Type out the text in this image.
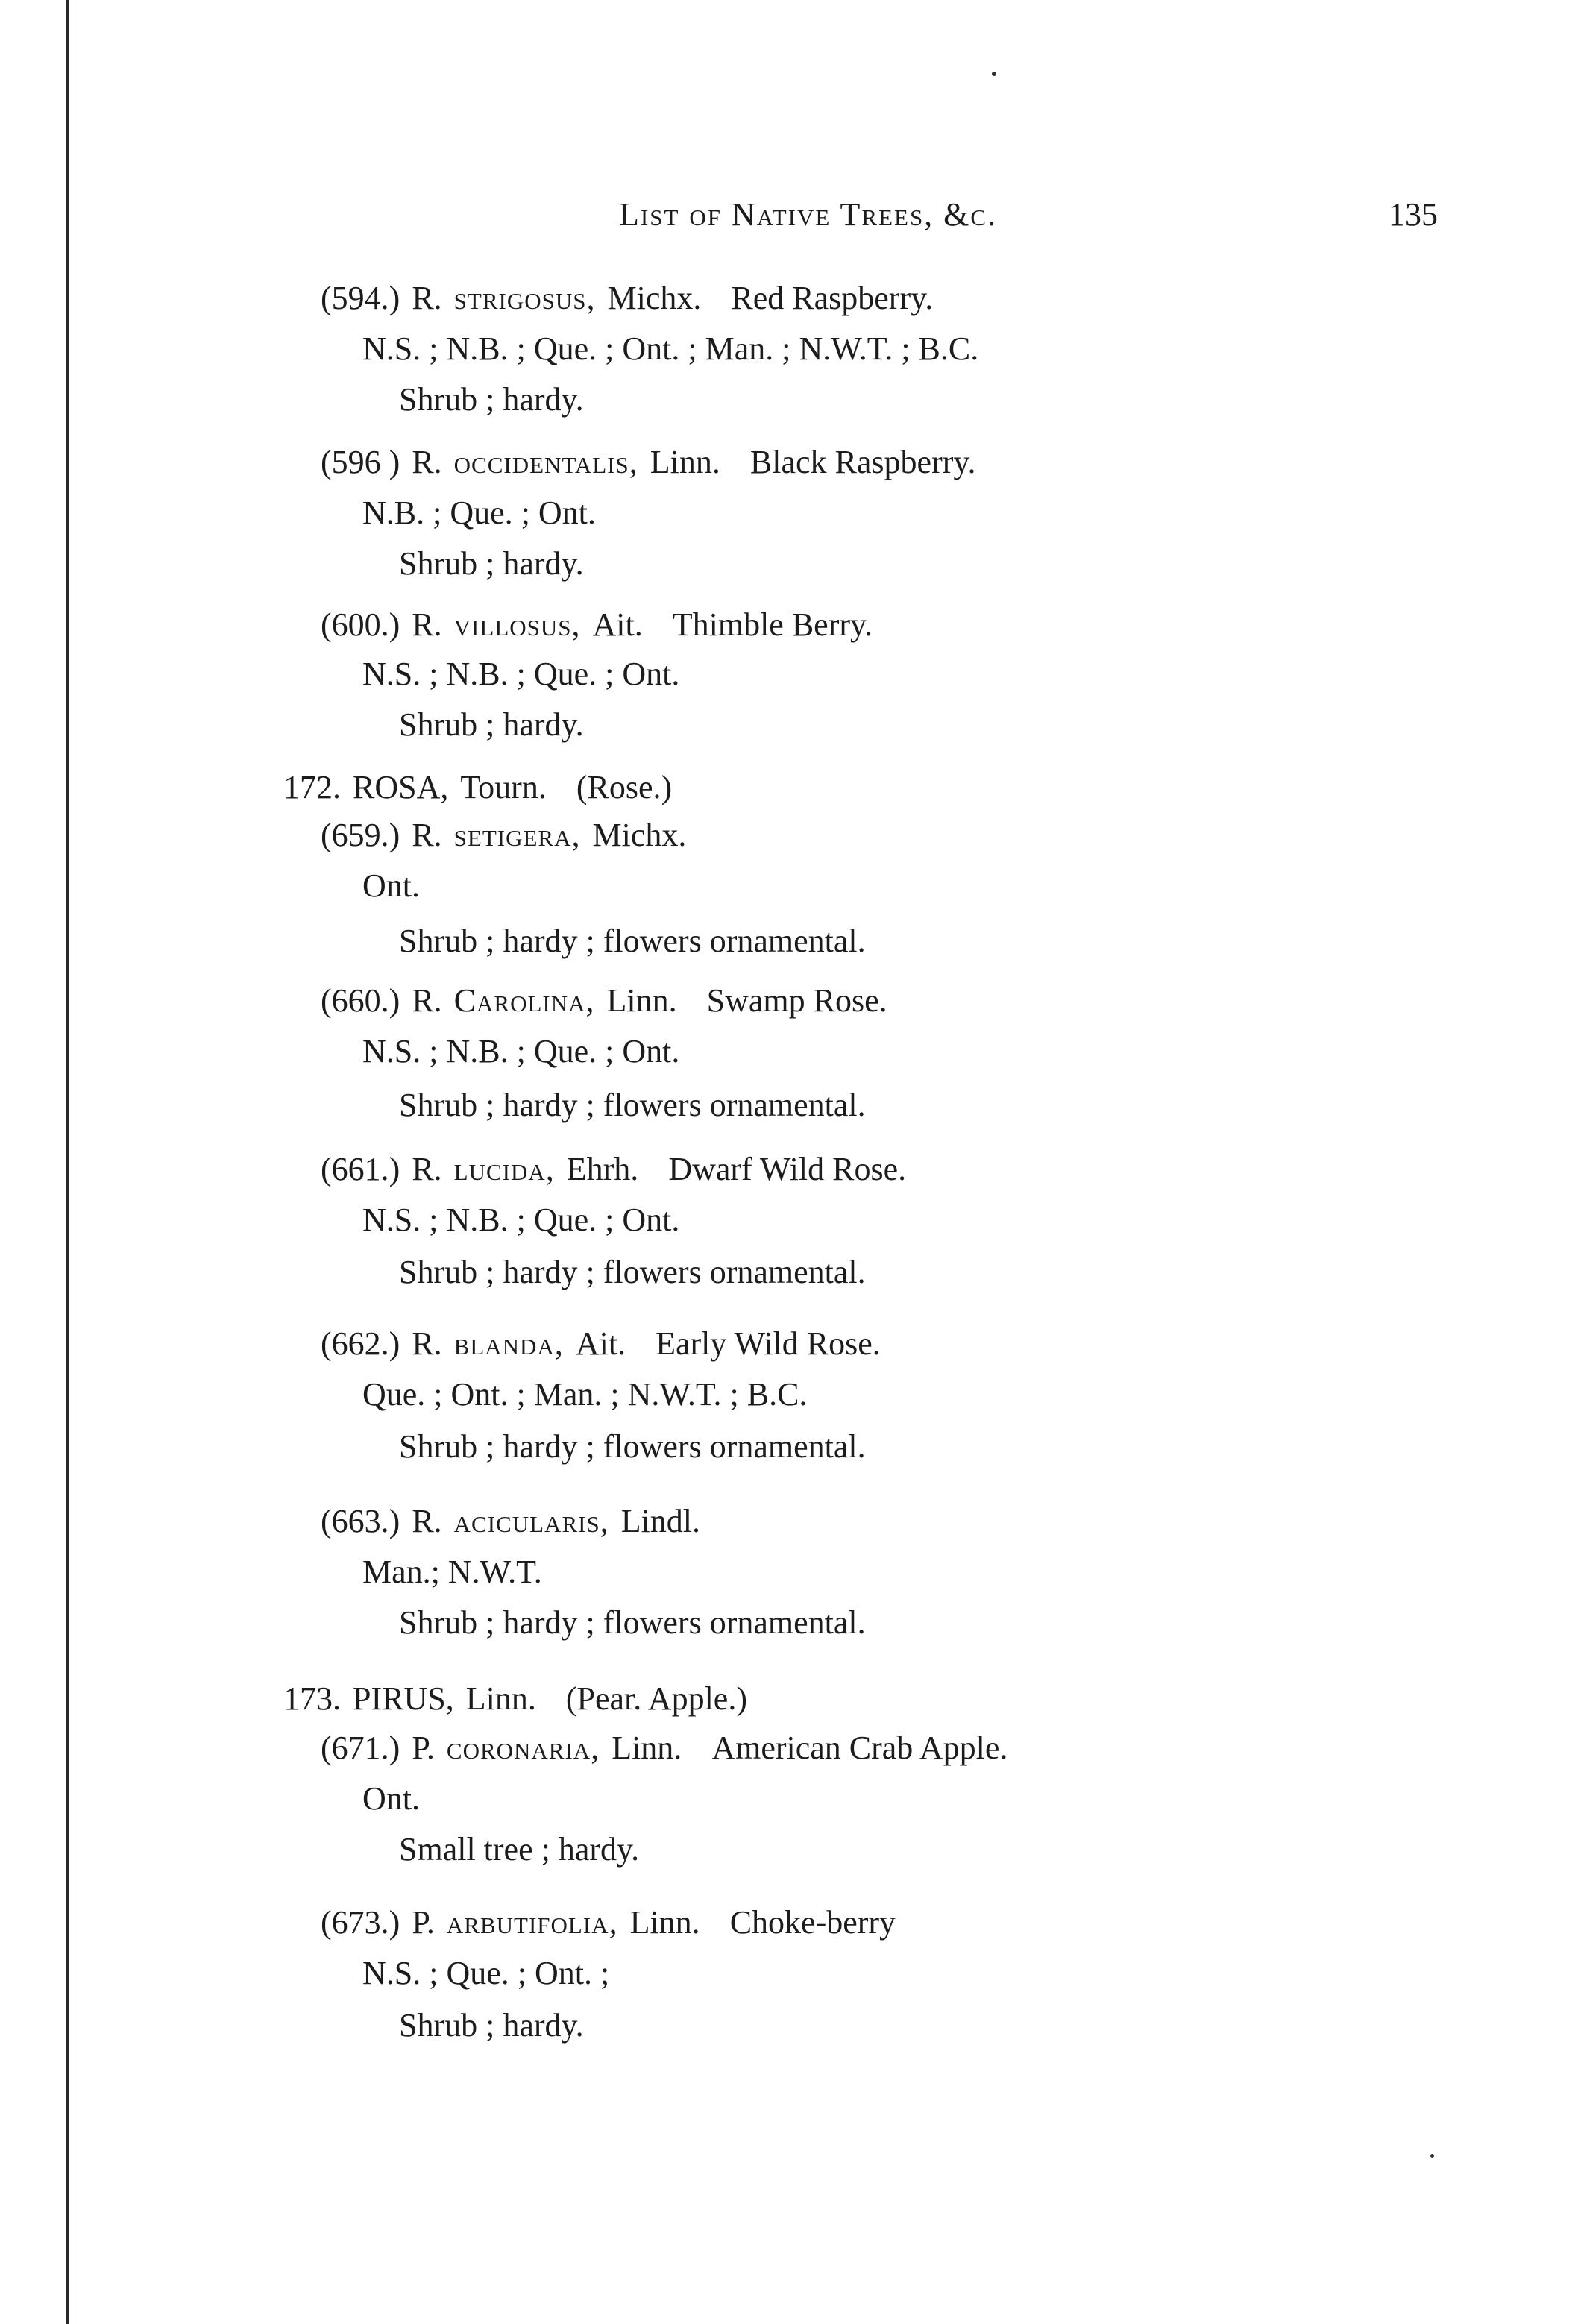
List of Native Trees, &c.	135
(594.) R. strigosus, Michx. Red Raspberry.
N.S. ; N.B. ; Que. ; Ont. ; Man. ; N.W.T. ; B.C.
Shrub ; hardy.
(596 ) R. occidentalis, Linn. Black Raspberry.
N.B. ; Que. ; Ont.
Shrub ; hardy.
(600.) R. villosus, Ait. Thimble Berry.
N.S. ; N.B. ; Que. ; Ont.
Shrub ; hardy.
172. ROSA, Tourn. (Rose.)
(659.) R. setigera, Michx.
Ont.
Shrub ; hardy ; flowers ornamental.
(660.) R. Carolina, Linn. Swamp Rose.
N.S. ; N.B. ; Que. ; Ont.
Shrub ; hardy ; flowers ornamental.
(661.) R. lucida, Ehrh. Dwarf Wild Rose.
N.S. ; N.B. ; Que. ; Ont.
Shrub ; hardy ; flowers ornamental.
(662.) R. blanda, Ait. Early Wild Rose.
Que. ; Ont. ; Man. ; N.W.T. ; B.C.
Shrub ; hardy ; flowers ornamental.
(663.) R. acicularis, Lindl.
Man.; N.W.T.
Shrub ; hardy ; flowers ornamental.
173. PIRUS, Linn. (Pear. Apple.)
(671.) P. coronaria, Linn. American Crab Apple.
Ont.
Small tree ; hardy.
(673.) P. arbutifolia, Linn. Choke-berry
N.S. ; Que. ; Ont. ;
Shrub ; hardy.
